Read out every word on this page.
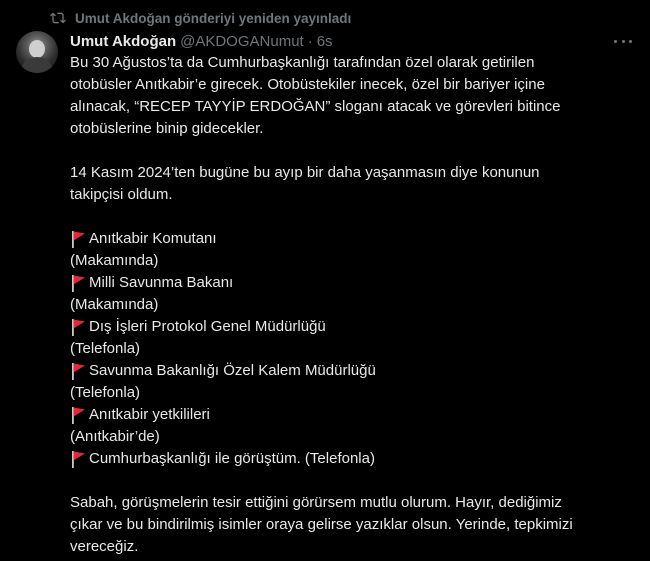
Umut Akdoğan gönderiyi yeniden yayınladı
Umut Akdoğan @AKDOGANumut · 6s
Bu 30 Ağustos’ta da Cumhurbaşkanlığı tarafından özel olarak getirilen
otobüsler Anıtkabir’e girecek. Otobüstekiler inecek, özel bir bariyer içine
alınacak, “RECEP TAYYİP ERDOĞAN” sloganı atacak ve görevleri bitince
otobüslerine binip gidecekler.
14 Kasım 2024’ten bugüne bu ayıp bir daha yaşanmasın diye konunun
takipçisi oldum.
Anıtkabir Komutanı
(Makamında)
Milli Savunma Bakanı
(Makamında)
Dış İşleri Protokol Genel Müdürlüğü
(Telefonla)
Savunma Bakanlığı Özel Kalem Müdürlüğü
(Telefonla)
Anıtkabir yetkilileri
(Anıtkabir’de)
Cumhurbaşkanlığı ile görüştüm. (Telefonla)
Sabah, görüşmelerin tesir ettiğini görürsem mutlu olurum. Hayır, dediğimiz
çıkar ve bu bindirilmiş isimler oraya gelirse yazıklar olsun. Yerinde, tepkimizi
vereceğiz.
